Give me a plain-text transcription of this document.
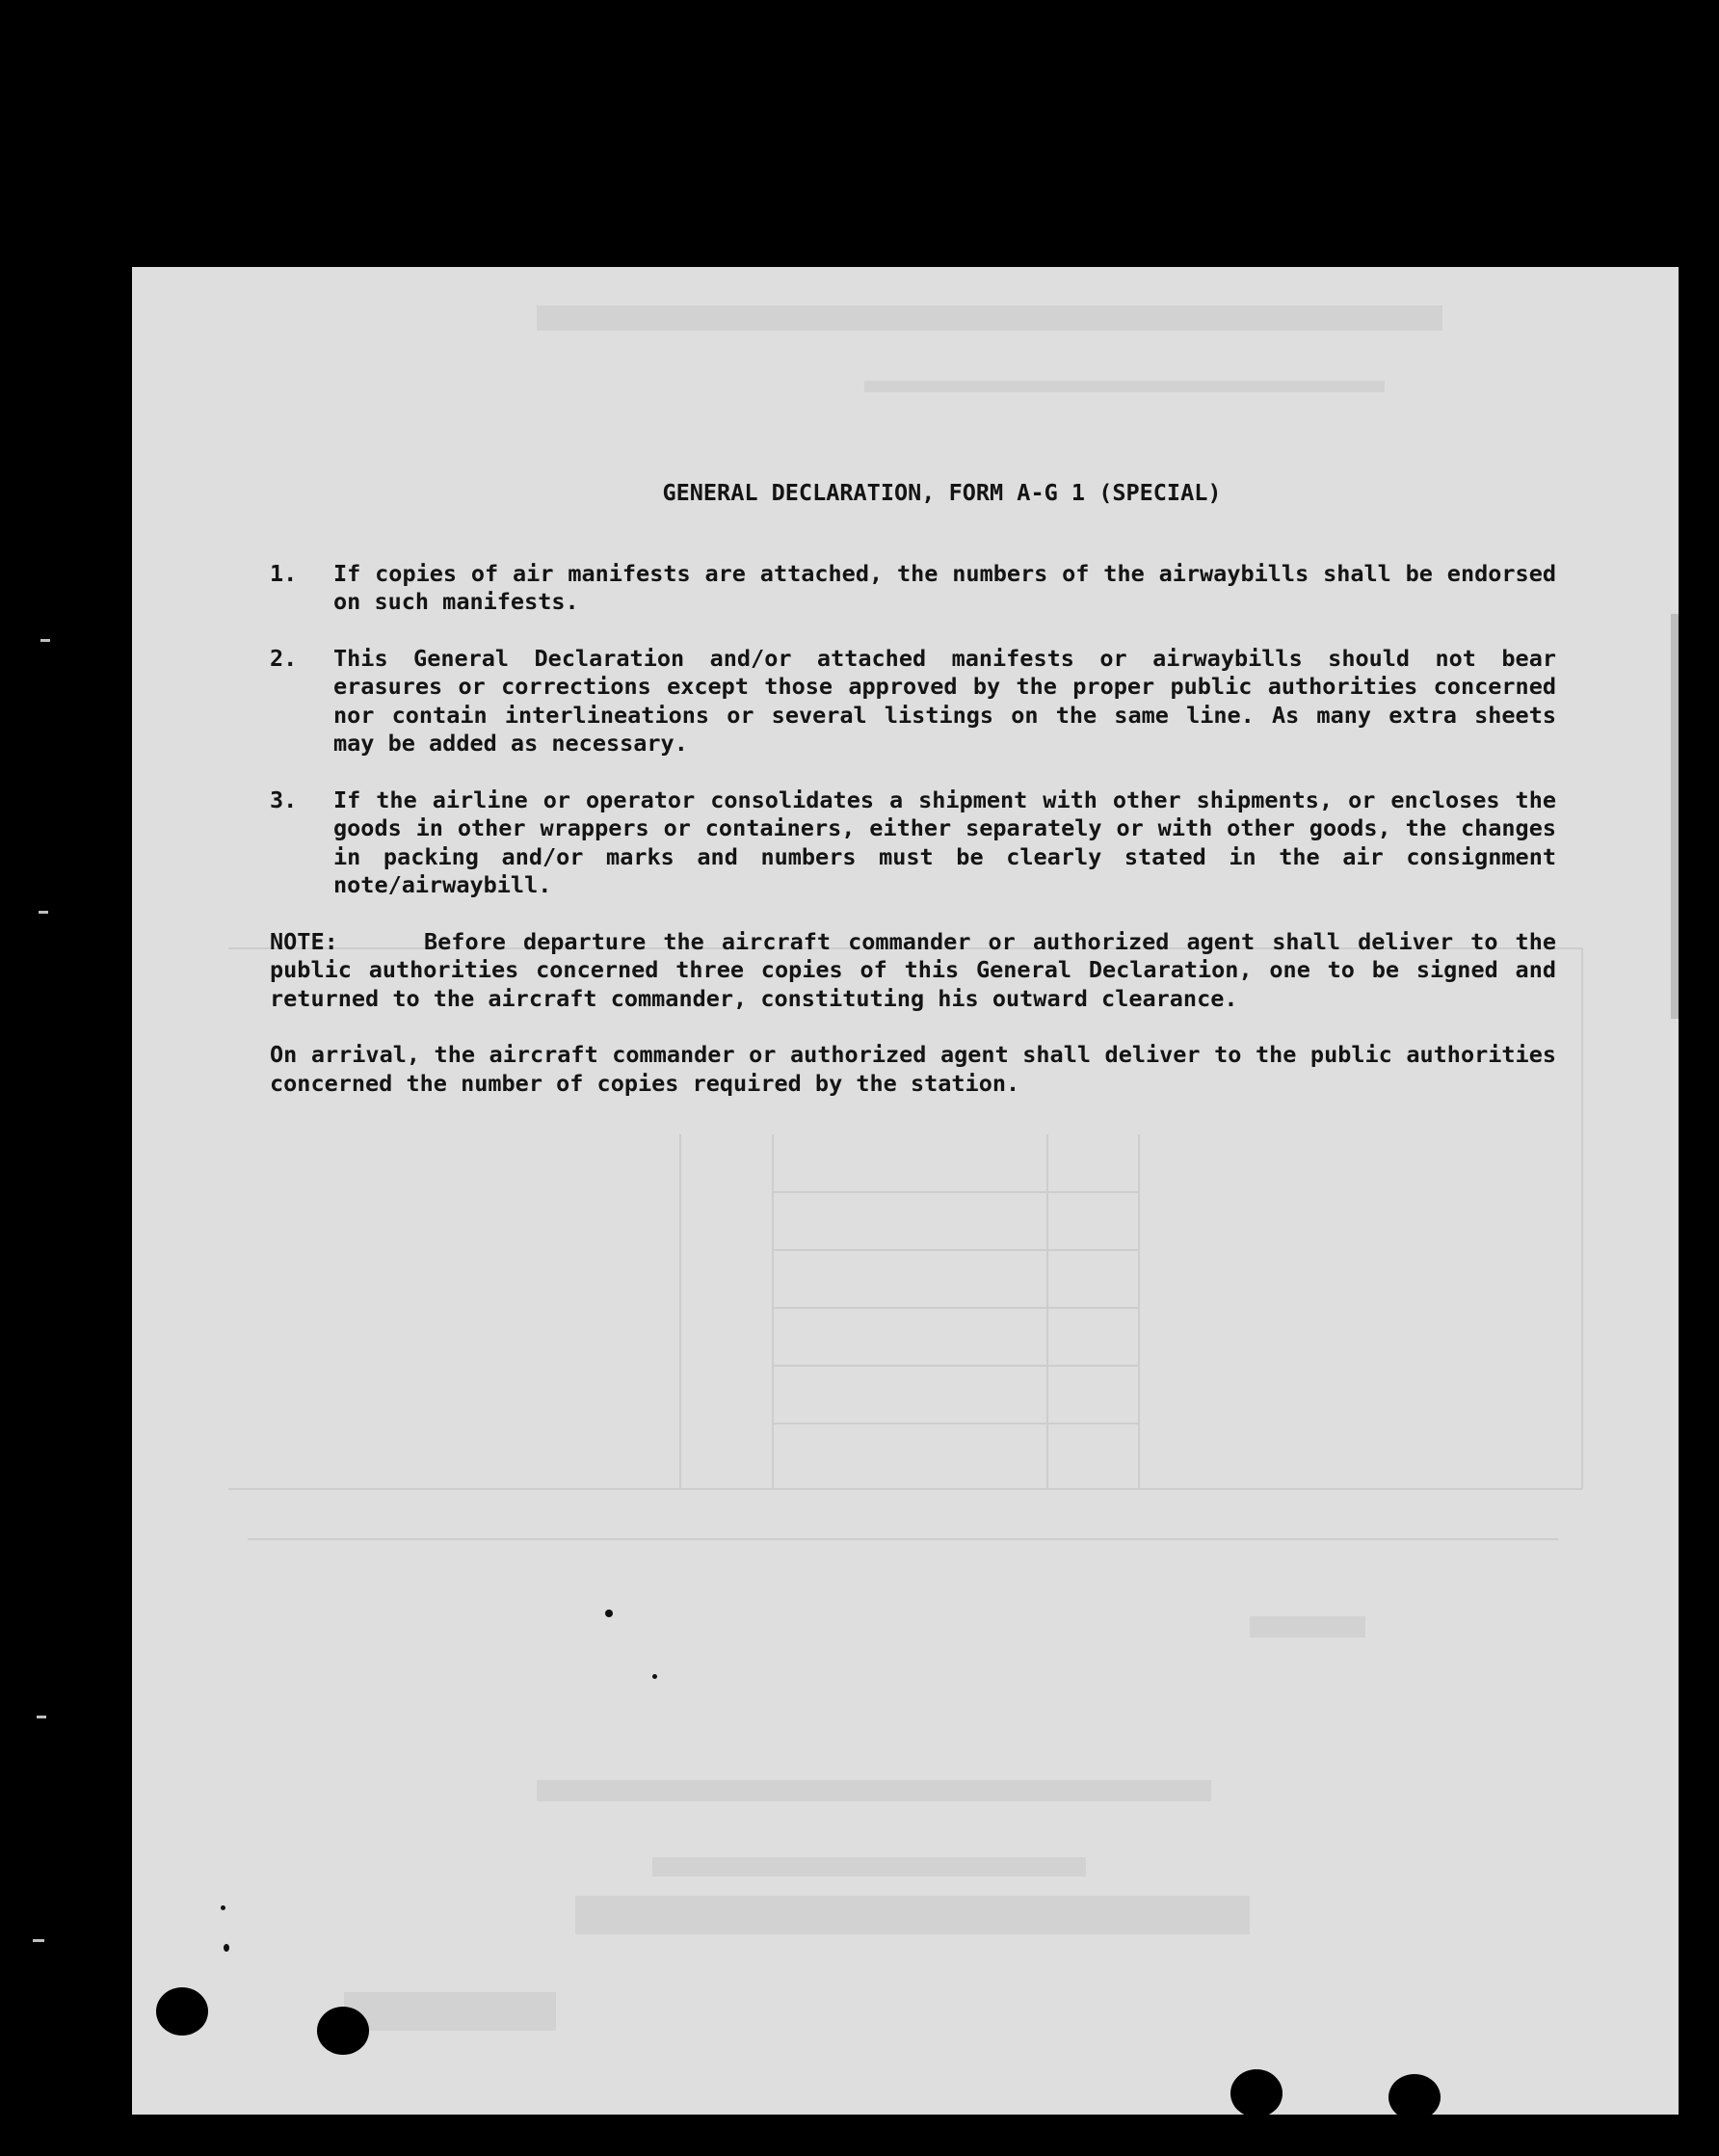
GENERAL DECLARATION, FORM A-G 1 (SPECIAL)
1.	If copies of air manifests are attached, the numbers of the airwaybills shall be endorsed on such manifests.
2.	This General Declaration and/or attached manifests or airwaybills should not bear erasures or corrections except those approved by the proper public authorities concerned nor contain interlineations or several listings on the same line. As many extra sheets may be added as necessary.
3.	If the airline or operator consolidates a shipment with other shipments, or encloses the goods in other wrappers or containers, either separately or with other goods, the changes in packing and/or marks and numbers must be clearly stated in the air consignment note/airwaybill.

NOTE:	Before departure the aircraft commander or authorized agent shall deliver to the public authorities concerned three copies of this General Declaration, one to be signed and returned to the aircraft commander, constituting his outward clearance.

On arrival, the aircraft commander or authorized agent shall deliver to the public authorities concerned the number of copies required by the station.
